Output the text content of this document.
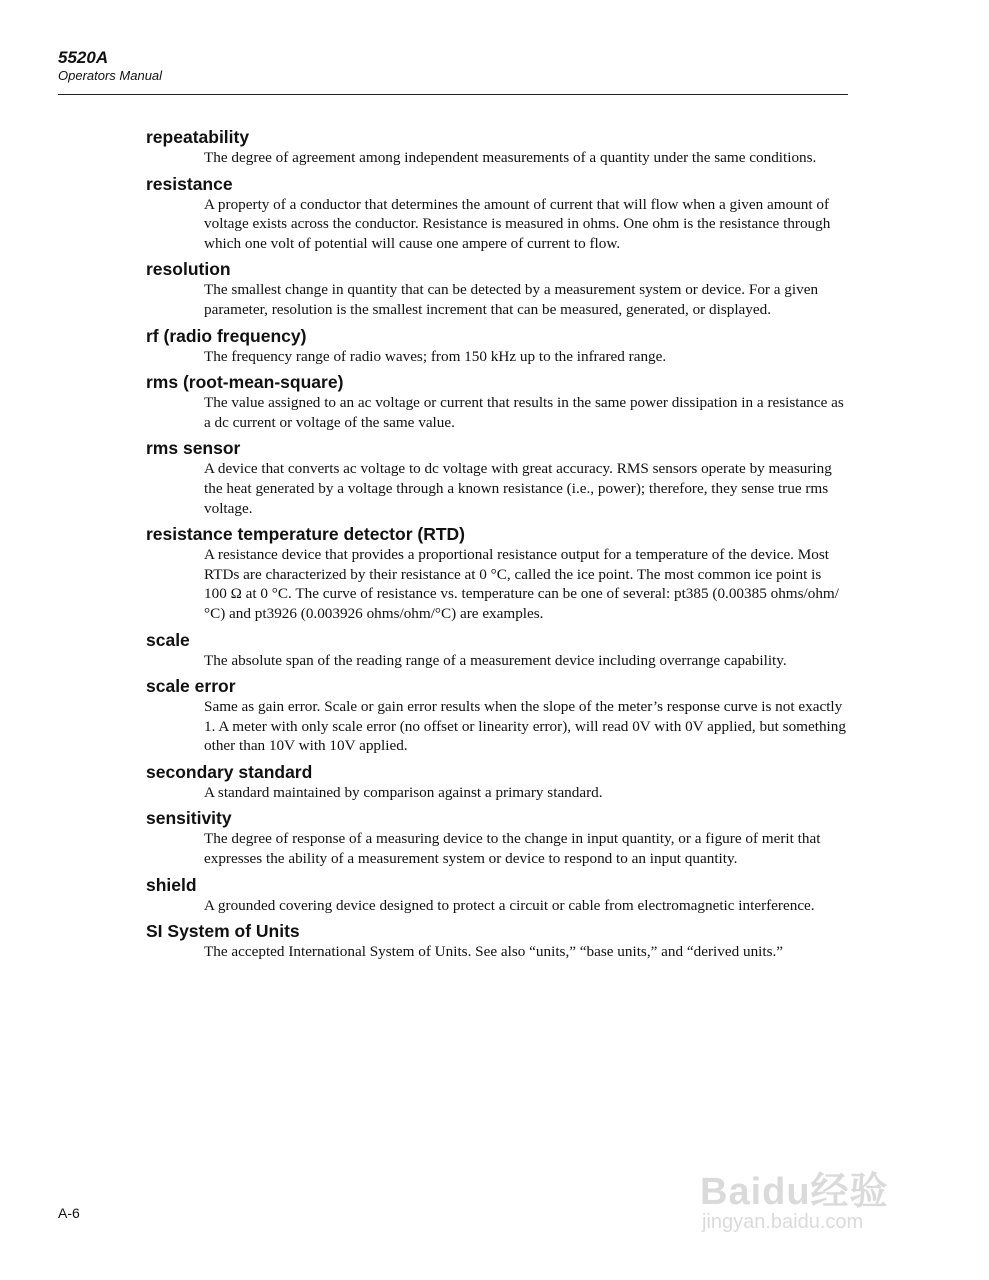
5520A
Operators Manual

repeatability

The degree of agreement among independent measurements of a quantity under the same conditions.

resistance

A property of a conductor that determines the amount of current that will flow when a given amount of voltage exists across the conductor. Resistance is measured in ohms. One ohm is the resistance through which one volt of potential will cause one ampere of current to flow.

resolution

The smallest change in quantity that can be detected by a measurement system or device. For a given parameter, resolution is the smallest increment that can be measured, generated, or displayed.

rf (radio frequency)

The frequency range of radio waves; from 150 kHz up to the infrared range.

rms (root-mean-square)

The value assigned to an ac voltage or current that results in the same power dissipation in a resistance as a dc current or voltage of the same value.

rms sensor

A device that converts ac voltage to dc voltage with great accuracy. RMS sensors operate by measuring the heat generated by a voltage through a known resistance (i.e., power); therefore, they sense true rms voltage.

resistance temperature detector (RTD)

A resistance device that provides a proportional resistance output for a temperature of the device. Most RTDs are characterized by their resistance at 0 °C, called the ice point. The most common ice point is 100 Ω at 0 °C. The curve of resistance vs. temperature can be one of several: pt385 (0.00385 ohms/ohm/°C) and pt3926 (0.003926 ohms/ohm/°C) are examples.

scale

The absolute span of the reading range of a measurement device including overrange capability.

scale error

Same as gain error. Scale or gain error results when the slope of the meter’s response curve is not exactly 1. A meter with only scale error (no offset or linearity error), will read 0V with 0V applied, but something other than 10V with 10V applied.

secondary standard

A standard maintained by comparison against a primary standard.

sensitivity

The degree of response of a measuring device to the change in input quantity, or a figure of merit that expresses the ability of a measurement system or device to respond to an input quantity.

shield

A grounded covering device designed to protect a circuit or cable from electromagnetic interference.

SI System of Units

The accepted International System of Units. See also “units,” “base units,” and “derived units.”

A-6	Baidu经验
jingyan.baidu.com
